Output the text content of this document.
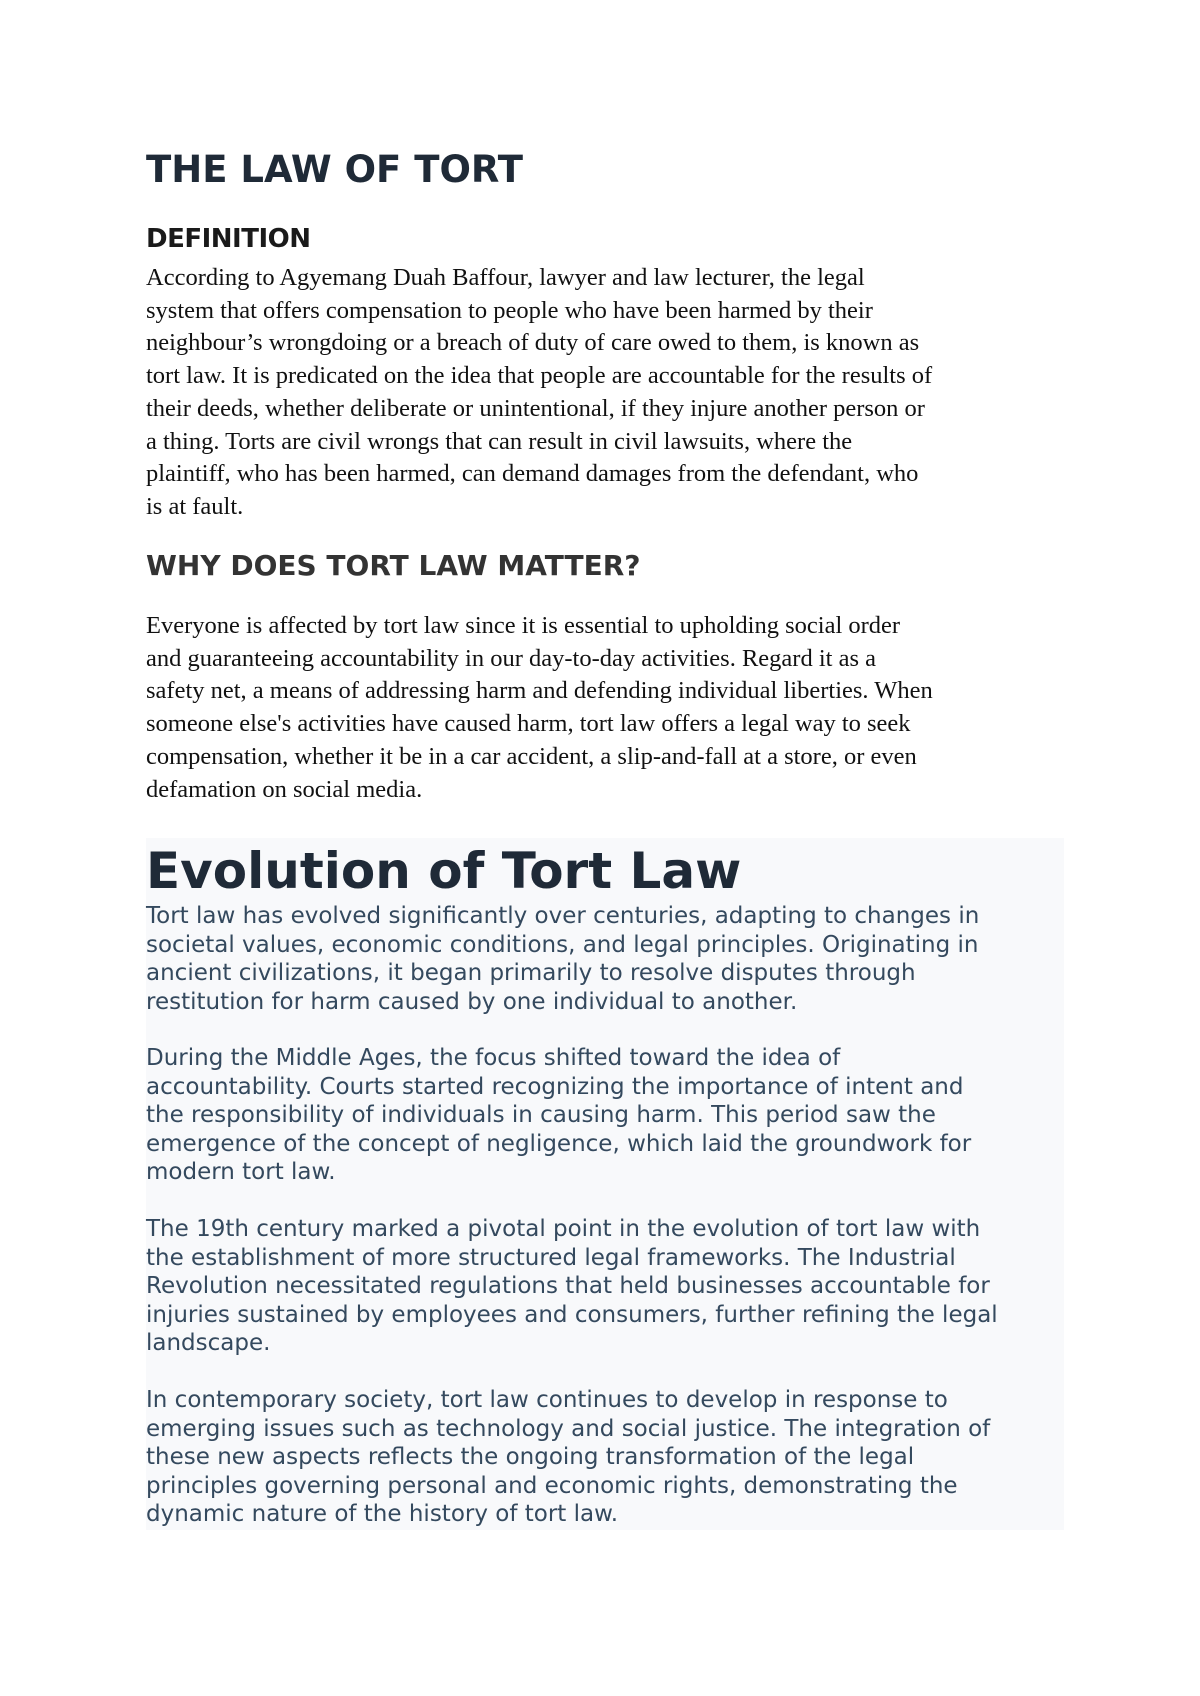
THE LAW OF TORT
DEFINITION

According to Agyemang Duah Baffour, lawyer and law lecturer, the legal
system that offers compensation to people who have been harmed by their
neighbour’s wrongdoing or a breach of duty of care owed to them, is known as
tort law. It is predicated on the idea that people are accountable for the results of
their deeds, whether deliberate or unintentional, if they injure another person or
a thing. Torts are civil wrongs that can result in civil lawsuits, where the
plaintiff, who has been harmed, can demand damages from the defendant, who
is at fault.

WHY DOES TORT LAW MATTER?

Everyone is affected by tort law since it is essential to upholding social order
and guaranteeing accountability in our day-to-day activities. Regard it as a
safety net, a means of addressing harm and defending individual liberties. When
someone else's activities have caused harm, tort law offers a legal way to seek
compensation, whether it be in a car accident, a slip-and-fall at a store, or even
defamation on social media.

Evolution of Tort Law

Tort law has evolved significantly over centuries, adapting to changes in
societal values, economic conditions, and legal principles. Originating in
ancient civilizations, it began primarily to resolve disputes through
restitution for harm caused by one individual to another.

During the Middle Ages, the focus shifted toward the idea of
accountability. Courts started recognizing the importance of intent and
the responsibility of individuals in causing harm. This period saw the
emergence of the concept of negligence, which laid the groundwork for
modern tort law.

The 19th century marked a pivotal point in the evolution of tort law with
the establishment of more structured legal frameworks. The Industrial
Revolution necessitated regulations that held businesses accountable for
injuries sustained by employees and consumers, further refining the legal
landscape.

In contemporary society, tort law continues to develop in response to
emerging issues such as technology and social justice. The integration of
these new aspects reflects the ongoing transformation of the legal
principles governing personal and economic rights, demonstrating the
dynamic nature of the history of tort law.
